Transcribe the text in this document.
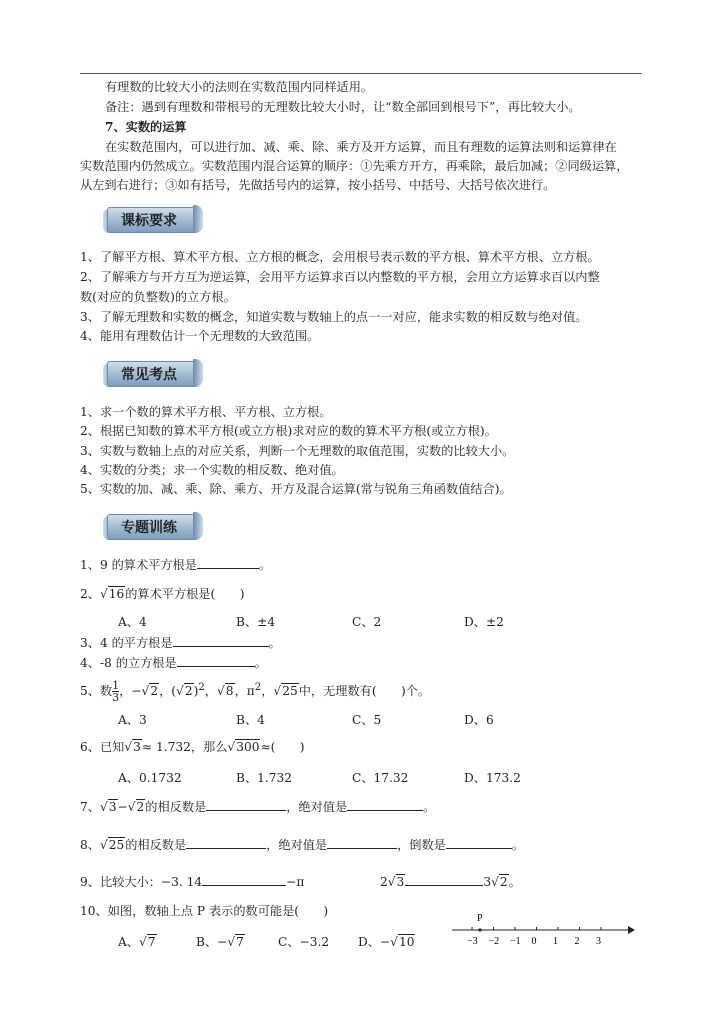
有理数的比较大小的法则在实数范围内同样适用。
备注：遇到有理数和带根号的无理数比较大小时，让“数全部回到根号下”，再比较大小。
7、实数的运算
在实数范围内，可以进行加、减、乘、除、乘方及开方运算，而且有理数的运算法则和运算律在
实数范围内仍然成立。实数范围内混合运算的顺序：①先乘方开方，再乘除，最后加减；②同级运算，
从左到右进行；③如有括号，先做括号内的运算，按小括号、中括号、大括号依次进行。
课标要求
1、了解平方根、算术平方根、立方根的概念，会用根号表示数的平方根、算术平方根、立方根。
2、了解乘方与开方互为逆运算，会用平方运算求百以内整数的平方根，会用立方运算求百以内整
数(对应的负整数)的立方根。
3、了解无理数和实数的概念，知道实数与数轴上的点一一对应，能求实数的相反数与绝对值。
4、能用有理数估计一个无理数的大致范围。
常见考点
1、求一个数的算术平方根、平方根、立方根。
2、根据已知数的算术平方根(或立方根)求对应的数的算术平方根(或立方根)。
3、实数与数轴上点的对应关系，判断一个无理数的取值范围，实数的比较大小。
4、实数的分类；求一个实数的相反数、绝对值。
5、实数的加、减、乘、除、乘方、开方及混合运算(常与锐角三角函数值结合)。
专题训练
1、9 的算术平方根是	。
2、√16的算术平方根是(　　)
A、4	B、±4	C、2	D、±2
3、4 的平方根是	。
4、-8 的立方根是	。
5、数 $\frac{1}{3}$ ，−√2，$(√2)^2$，√8，$\pi^2$，√25中，无理数有(　　)个。
A、3	B、4	C、5	D、6
6、已知√3≈ 1.732，那么√300≈(　　)
A、0.1732	B、1.732	C、17.32	D、173.2
7、√3−√2的相反数是	，绝对值是	。
8、√25的相反数是	，绝对值是	，倒数是	。
9、比较大小：−3. 14	−π	2√3	3√2。
10、如图，数轴上点 P 表示的数可能是(　　)
A、√7	B、−√7	C、−3.2 D、−√10	−3 −2 −1 0 1 2 3
P
